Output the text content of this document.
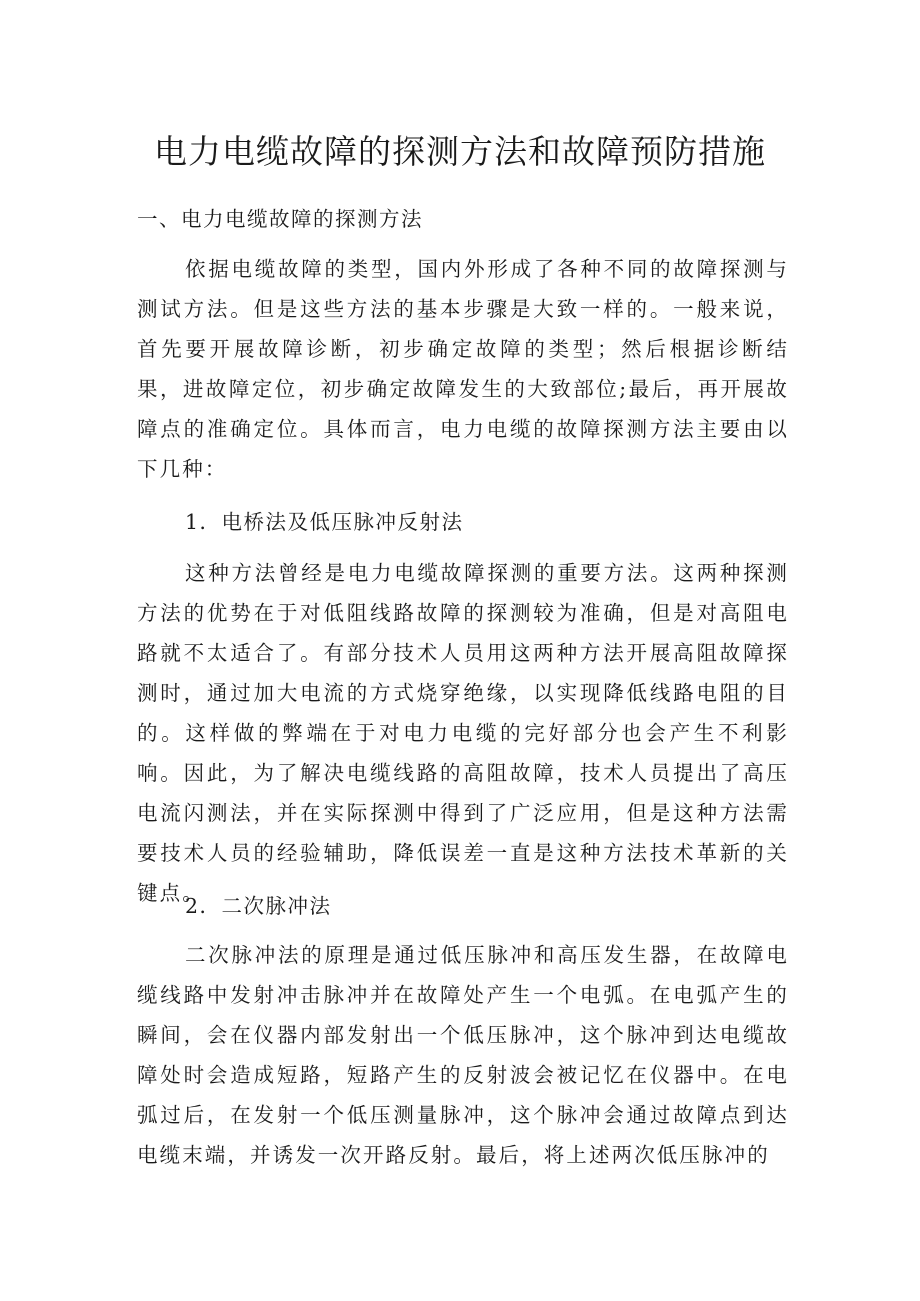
电力电缆故障的探测方法和故障预防措施
一、电力电缆故障的探测方法

依据电缆故障的类型，国内外形成了各种不同的故障探测与测试方法。但是这些方法的基本步骤是大致一样的。一般来说，首先要开展故障诊断，初步确定故障的类型；然后根据诊断结果，进故障定位，初步确定故障发生的大致部位;最后，再开展故障点的准确定位。具体而言，电力电缆的故障探测方法主要由以下几种：

1．电桥法及低压脉冲反射法

这种方法曾经是电力电缆故障探测的重要方法。这两种探测方法的优势在于对低阻线路故障的探测较为准确，但是对高阻电路就不太适合了。有部分技术人员用这两种方法开展高阻故障探测时，通过加大电流的方式烧穿绝缘，以实现降低线路电阻的目的。这样做的弊端在于对电力电缆的完好部分也会产生不利影响。因此，为了解决电缆线路的高阻故障，技术人员提出了高压电流闪测法，并在实际探测中得到了广泛应用，但是这种方法需要技术人员的经验辅助，降低误差一直是这种方法技术革新的关键点。

2．二次脉冲法

二次脉冲法的原理是通过低压脉冲和高压发生器，在故障电缆线路中发射冲击脉冲并在故障处产生一个电弧。在电弧产生的瞬间，会在仪器内部发射出一个低压脉冲，这个脉冲到达电缆故障处时会造成短路，短路产生的反射波会被记忆在仪器中。在电弧过后，在发射一个低压测量脉冲，这个脉冲会通过故障点到达电缆末端，并诱发一次开路反射。最后，将上述两次低压脉冲的
